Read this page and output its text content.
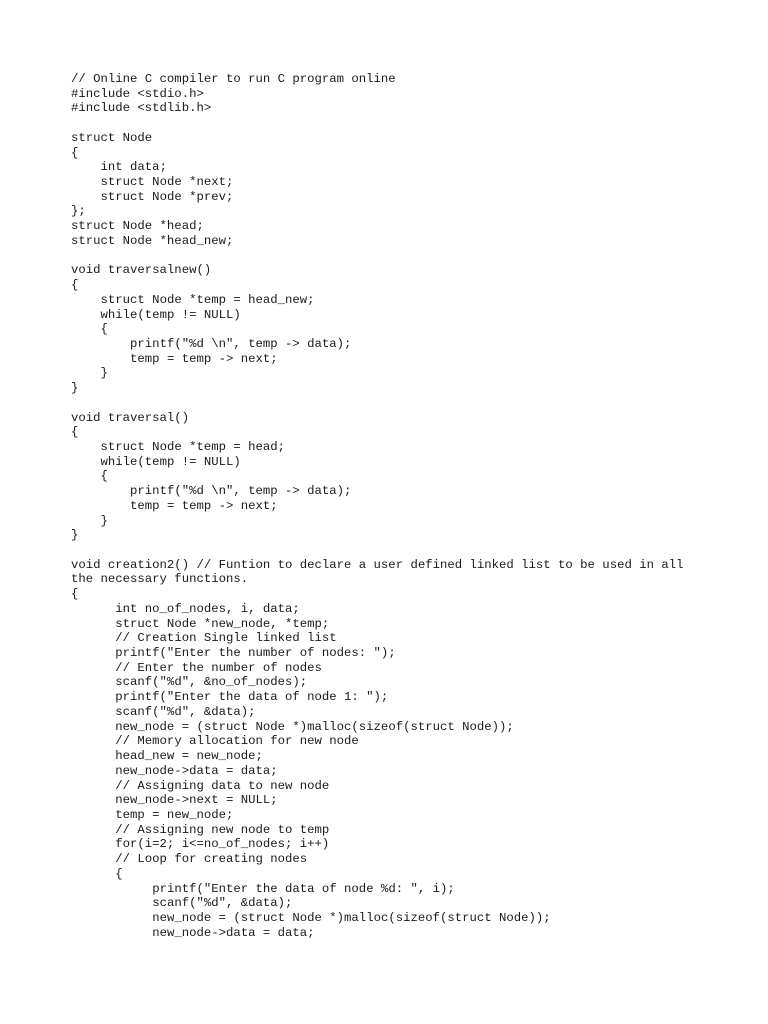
// Online C compiler to run C program online
#include <stdio.h>
#include <stdlib.h>
struct Node
{
int data;
struct Node *next;
struct Node *prev;
};
struct Node *head;
struct Node *head_new;
void traversalnew()
{
struct Node *temp = head_new;
while(temp != NULL)
{
printf("%d \n", temp -> data);
temp = temp -> next;
}
}
void traversal()
{
struct Node *temp = head;
while(temp != NULL)
{
printf("%d \n", temp -> data);
temp = temp -> next;
}
}
void creation2() // Funtion to declare a user defined linked list to be used in all the necessary functions.
{
int no_of_nodes, i, data;
struct Node *new_node, *temp;
// Creation Single linked list
printf("Enter the number of nodes: ");
// Enter the number of nodes
scanf("%d", &no_of_nodes);
printf("Enter the data of node 1: ");
scanf("%d", &data);
new_node = (struct Node *)malloc(sizeof(struct Node));
// Memory allocation for new node
head_new = new_node;
new_node->data = data;
// Assigning data to new node
new_node->next = NULL;
temp = new_node;
// Assigning new node to temp
for(i=2; i<=no_of_nodes; i++)
// Loop for creating nodes
{
printf("Enter the data of node %d: ", i);
scanf("%d", &data);
new_node = (struct Node *)malloc(sizeof(struct Node));
new_node->data = data;
